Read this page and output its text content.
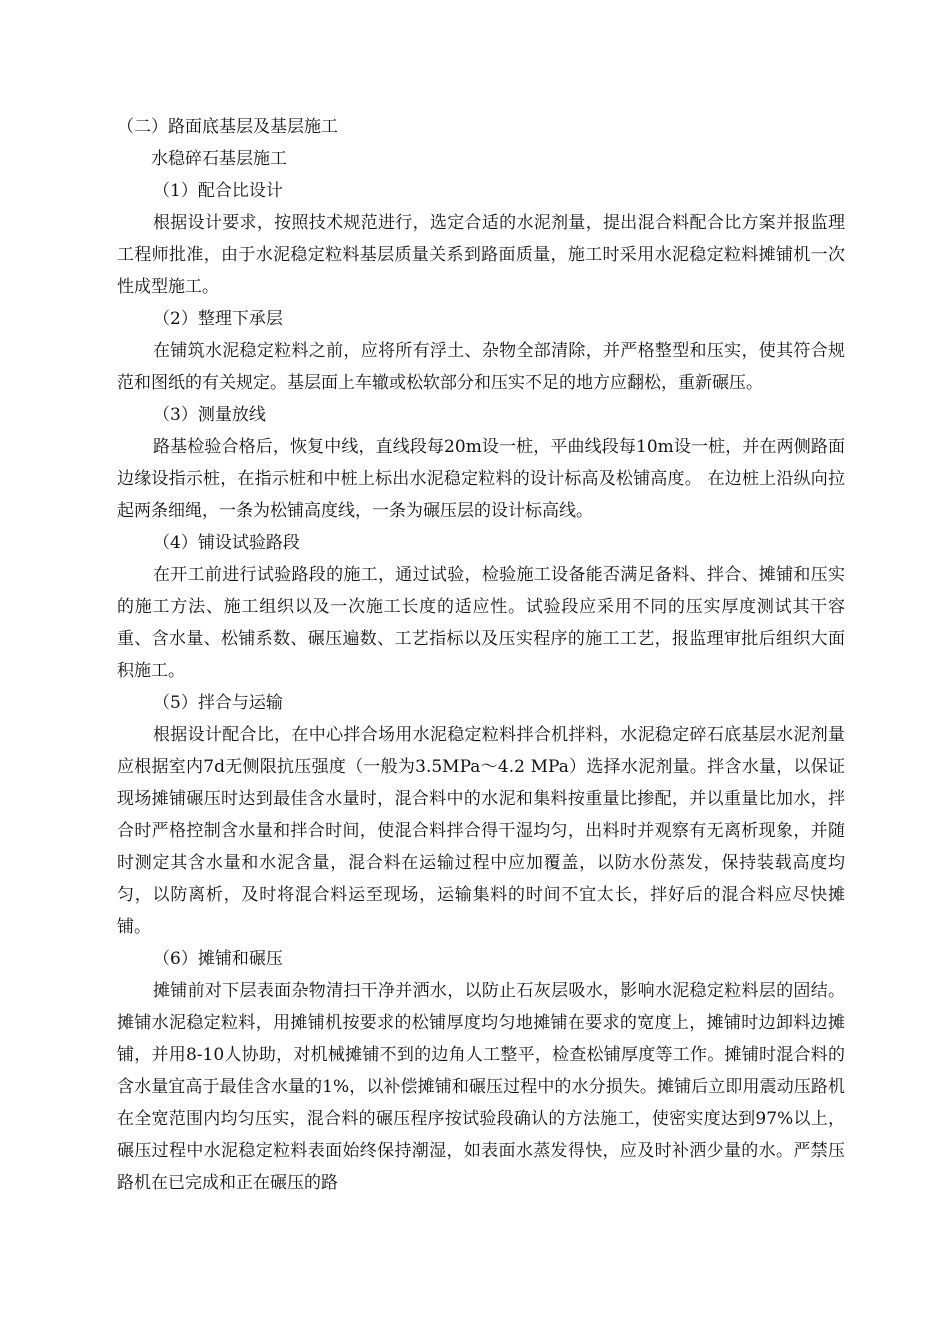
（二）路面底基层及基层施工

水稳碎石基层施工

（1）配合比设计

根据设计要求，按照技术规范进行，选定合适的水泥剂量，提出混合料配合比方案并报监理工程师批准，由于水泥稳定粒料基层质量关系到路面质量，施工时采用水泥稳定粒料摊铺机一次性成型施工。

（2）整理下承层

在铺筑水泥稳定粒料之前，应将所有浮土、杂物全部清除，并严格整型和压实，使其符合规范和图纸的有关规定。基层面上车辙或松软部分和压实不足的地方应翻松，重新碾压。

（3）测量放线

路基检验合格后，恢复中线，直线段每20m设一桩，平曲线段每10m设一桩，并在两侧路面边缘设指示桩，在指示桩和中桩上标出水泥稳定粒料的设计标高及松铺高度。 在边桩上沿纵向拉起两条细绳，一条为松铺高度线，一条为碾压层的设计标高线。

（4）铺设试验路段

在开工前进行试验路段的施工，通过试验，检验施工设备能否满足备料、拌合、摊铺和压实的施工方法、施工组织以及一次施工长度的适应性。试验段应采用不同的压实厚度测试其干容重、含水量、松铺系数、碾压遍数、工艺指标以及压实程序的施工工艺，报监理审批后组织大面积施工。

（5）拌合与运输

根据设计配合比，在中心拌合场用水泥稳定粒料拌合机拌料，水泥稳定碎石底基层水泥剂量应根据室内7d无侧限抗压强度（一般为3.5MPa～4.2 MPa）选择水泥剂量。拌含水量，以保证现场摊铺碾压时达到最佳含水量时，混合料中的水泥和集料按重量比掺配，并以重量比加水，拌合时严格控制含水量和拌合时间，使混合料拌合得干湿均匀，出料时并观察有无离析现象，并随时测定其含水量和水泥含量，混合料在运输过程中应加覆盖，以防水份蒸发，保持装载高度均匀，以防离析，及时将混合料运至现场，运输集料的时间不宜太长，拌好后的混合料应尽快摊铺。

（6）摊铺和碾压

摊铺前对下层表面杂物清扫干净并洒水，以防止石灰层吸水，影响水泥稳定粒料层的固结。摊铺水泥稳定粒料，用摊铺机按要求的松铺厚度均匀地摊铺在要求的宽度上，摊铺时边卸料边摊铺，并用8-10人协助，对机械摊铺不到的边角人工整平，检查松铺厚度等工作。摊铺时混合料的含水量宜高于最佳含水量的1%，以补偿摊铺和碾压过程中的水分损失。摊铺后立即用震动压路机在全宽范围内均匀压实，混合料的碾压程序按试验段确认的方法施工，使密实度达到97%以上，碾压过程中水泥稳定粒料表面始终保持潮湿，如表面水蒸发得快，应及时补洒少量的水。严禁压路机在已完成和正在碾压的路
